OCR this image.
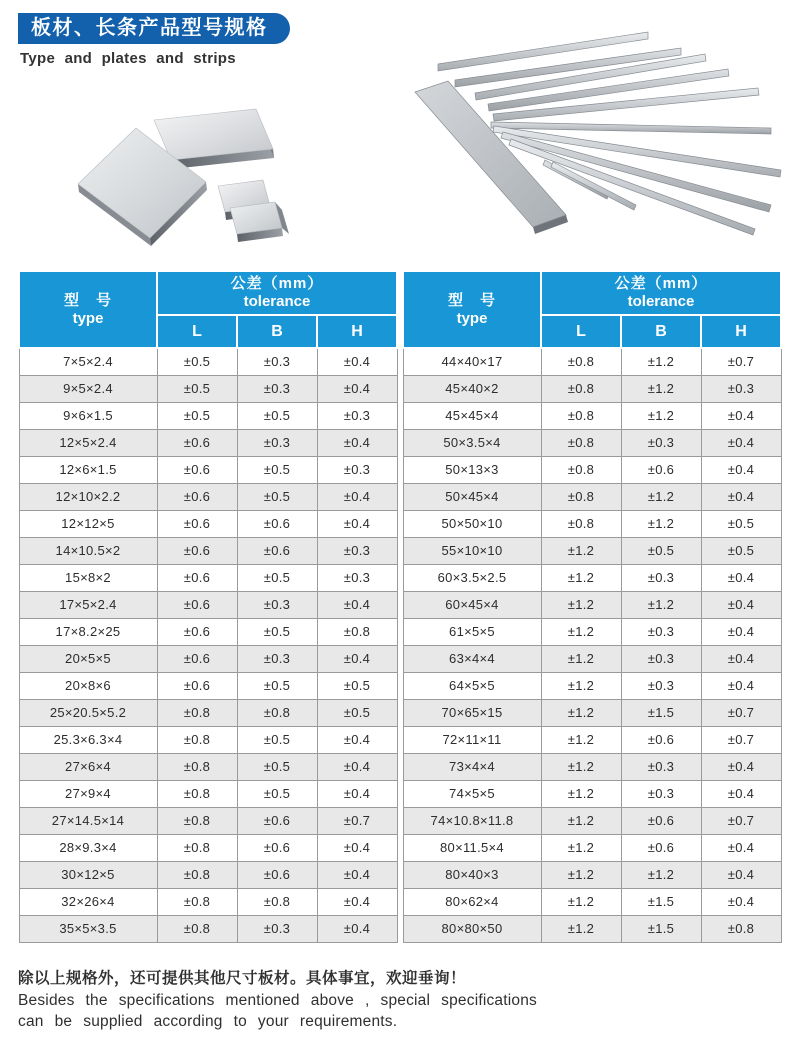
板材、长条产品型号规格
Type and plates and strips
型　号
type

公差（mm）
tolerance

	L	B	H
7×5×2.4	±0.5	±0.3	±0.4
9×5×2.4	±0.5	±0.3	±0.4
9×6×1.5	±0.5	±0.5	±0.3
12×5×2.4	±0.6	±0.3	±0.4
12×6×1.5	±0.6	±0.5	±0.3
12×10×2.2	±0.6	±0.5	±0.4
12×12×5	±0.6	±0.6	±0.4
14×10.5×2	±0.6	±0.6	±0.3
15×8×2	±0.6	±0.5	±0.3
17×5×2.4	±0.6	±0.3	±0.4
17×8.2×25	±0.6	±0.5	±0.8
20×5×5	±0.6	±0.3	±0.4
20×8×6	±0.6	±0.5	±0.5
25×20.5×5.2	±0.8	±0.8	±0.5
25.3×6.3×4	±0.8	±0.5	±0.4
27×6×4	±0.8	±0.5	±0.4
27×9×4	±0.8	±0.5	±0.4
27×14.5×14	±0.8	±0.6	±0.7
28×9.3×4	±0.8	±0.6	±0.4
30×12×5	±0.8	±0.6	±0.4
32×26×4	±0.8	±0.8	±0.4
35×5×3.5	±0.8	±0.3	±0.4
型　号
type

公差（mm）
tolerance

	L	B	H
44×40×17	±0.8	±1.2	±0.7
45×40×2	±0.8	±1.2	±0.3
45×45×4	±0.8	±1.2	±0.4
50×3.5×4	±0.8	±0.3	±0.4
50×13×3	±0.8	±0.6	±0.4
50×45×4	±0.8	±1.2	±0.4
50×50×10	±0.8	±1.2	±0.5
55×10×10	±1.2	±0.5	±0.5
60×3.5×2.5	±1.2	±0.3	±0.4
60×45×4	±1.2	±1.2	±0.4
61×5×5	±1.2	±0.3	±0.4
63×4×4	±1.2	±0.3	±0.4
64×5×5	±1.2	±0.3	±0.4
70×65×15	±1.2	±1.5	±0.7
72×11×11	±1.2	±0.6	±0.7
73×4×4	±1.2	±0.3	±0.4
74×5×5	±1.2	±0.3	±0.4
74×10.8×11.8	±1.2	±0.6	±0.7
80×11.5×4	±1.2	±0.6	±0.4
80×40×3	±1.2	±1.2	±0.4
80×62×4	±1.2	±1.5	±0.4
80×80×50	±1.2	±1.5	±0.8
除以上规格外，还可提供其他尺寸板材。具体事宜，欢迎垂询！
Besides the specifications mentioned above , special specifications
can be supplied according to your requirements.
